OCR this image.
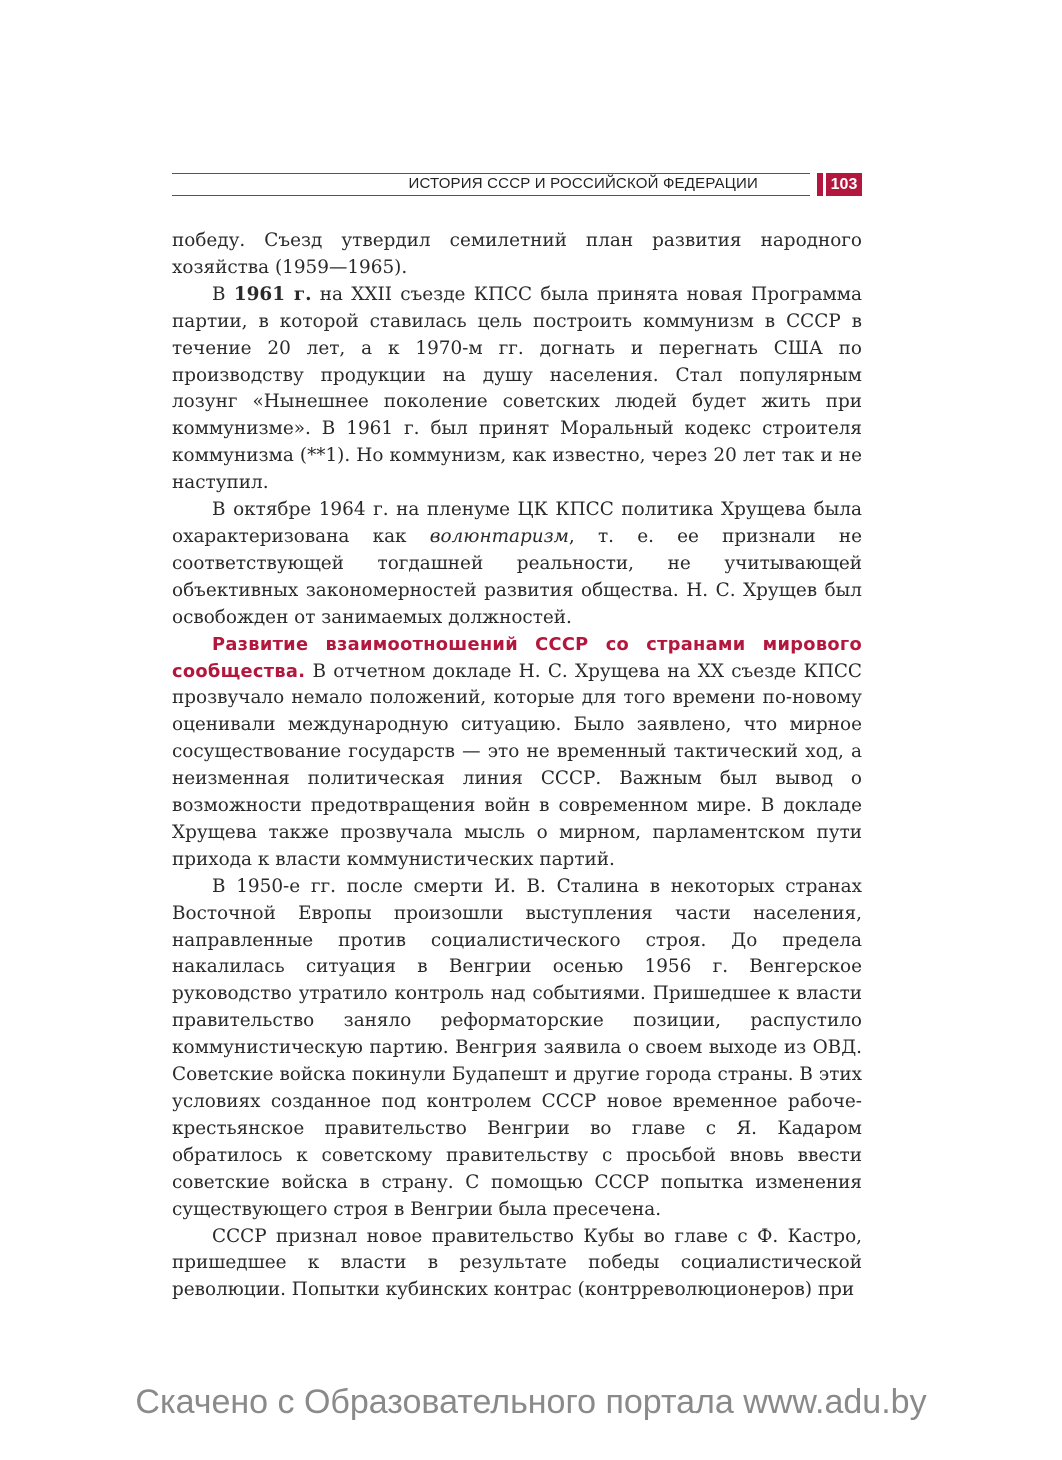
ИСТОРИЯ СССР И РОССИЙСКОЙ ФЕДЕРАЦИИ	103

победу. Съезд утвердил семилетний план развития народного хозяйства (1959—1965).

В 1961 г. на XXII съезде КПСС была принята новая Программа партии, в которой ставилась цель построить коммунизм в СССР в течение 20 лет, а к 1970-м гг. догнать и перегнать США по производству продукции на душу населения. Стал популярным лозунг «Нынешнее поколение советских людей будет жить при коммунизме». В 1961 г. был принят Моральный кодекс строителя коммунизма (**1). Но коммунизм, как известно, через 20 лет так и не наступил.

В октябре 1964 г. на пленуме ЦК КПСС политика Хрущева была охарактеризована как волюнтаризм, т. е. ее признали не соответствующей тогдашней реальности, не учитывающей объективных закономерностей развития общества. Н. С. Хрущев был освобожден от занимаемых должностей.

Развитие взаимоотношений СССР со странами мирового сообщества. В отчетном докладе Н. С. Хрущева на XX съезде КПСС прозвучало немало положений, которые для того времени по-новому оценивали международную ситуацию. Было заявлено, что мирное сосуществование государств — это не временный тактический ход, а неизменная политическая линия СССР. Важным был вывод о возможности предотвращения войн в современном мире. В докладе Хрущева также прозвучала мысль о мирном, парламентском пути прихода к власти коммунистических партий.

В 1950-е гг. после смерти И. В. Сталина в некоторых странах Восточной Европы произошли выступления части населения, направленные против социалистического строя. До предела накалилась ситуация в Венгрии осенью 1956 г. Венгерское руководство утратило контроль над событиями. Пришедшее к власти правительство заняло реформаторские позиции, распустило коммунистическую партию. Венгрия заявила о своем выходе из ОВД. Советские войска покинули Будапешт и другие города страны. В этих условиях созданное под контролем СССР новое временное рабоче-крестьянское правительство Венгрии во главе с Я. Кадаром обратилось к советскому правительству с просьбой вновь ввести советские войска в страну. С помощью СССР попытка изменения существующего строя в Венгрии была пресечена.

СССР признал новое правительство Кубы во главе с Ф. Кастро, пришедшее к власти в результате победы социалистической революции. Попытки кубинских контрас (контрреволюционеров) при

Скачено с Образовательного портала www.adu.by
